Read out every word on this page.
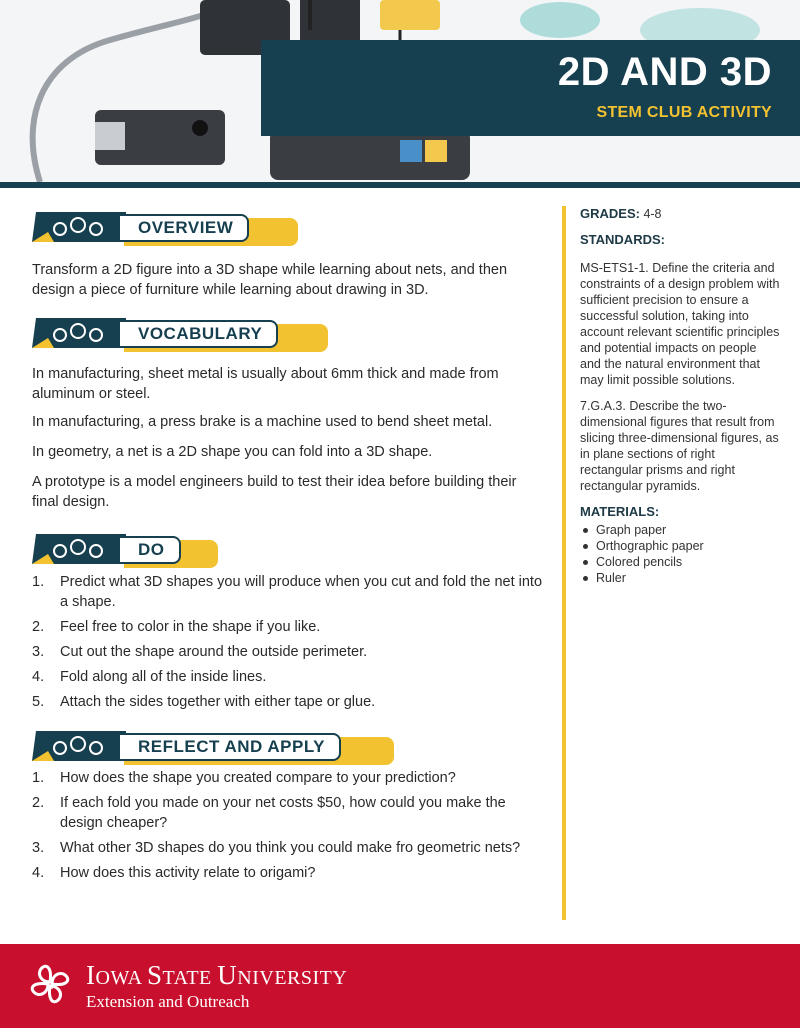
2D AND 3D
STEM CLUB ACTIVITY
OVERVIEW
Transform a 2D figure into a 3D shape while learning about nets, and then design a piece of furniture while learning about drawing in 3D.
VOCABULARY
In manufacturing, sheet metal is usually about 6mm thick and made from aluminum or steel.
In manufacturing, a press brake is a machine used to bend sheet metal.
In geometry, a net is a 2D shape you can fold into a 3D shape.
A prototype is a model engineers build to test their idea before building their final design.
DO
1. Predict what 3D shapes you will produce when you cut and fold the net into a shape.
2. Feel free to color in the shape if you like.
3. Cut out the shape around the outside perimeter.
4. Fold along all of the inside lines.
5. Attach the sides together with either tape or glue.
REFLECT AND APPLY
1. How does the shape you created compare to your prediction?
2. If each fold you made on your net costs $50, how could you make the design cheaper?
3. What other 3D shapes do you think you could make fro geometric nets?
4. How does this activity relate to origami?

GRADES: 4-8

STANDARDS:

MS-ETS1-1. Define the criteria and constraints of a design problem with sufficient precision to ensure a successful solution, taking into account relevant scientific principles and potential impacts on people and the natural environment that may limit possible solutions.

7.G.A.3. Describe the two-dimensional figures that result from slicing three-dimensional figures, as in plane sections of right rectangular prisms and right rectangular pyramids.

MATERIALS:

Graph paper
Orthographic paper
Colored pencils
Ruler
H IOWA STATE UNIVERSITY
Extension and Outreach
